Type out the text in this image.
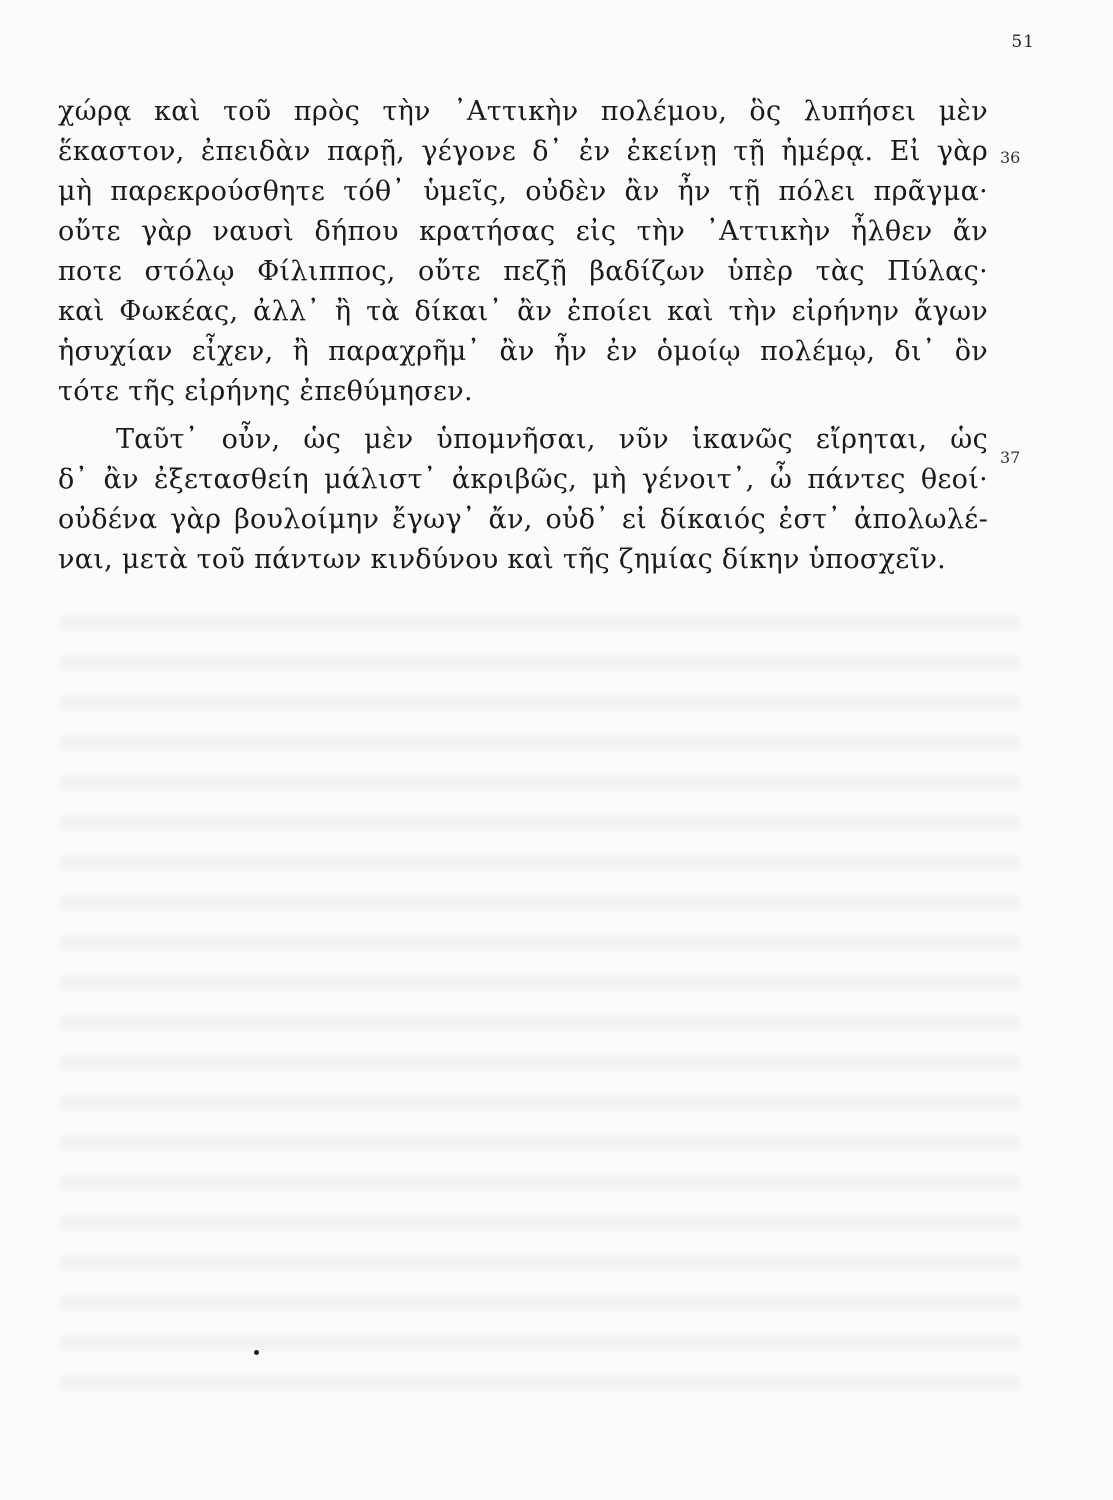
51
χώρᾳ καὶ τοῦ πρὸς τὴν ᾿Αττικὴν πολέμου, ὃς λυπήσει μὲν
ἕκαστον, ἐπειδὰν παρῇ, γέγονε δ᾽ ἐν ἐκείνῃ τῇ ἡμέρᾳ. Εἰ γὰρ
μὴ παρεκρούσθητε τόθ᾽ ὑμεῖς, οὐδὲν ἂν ἦν τῇ πόλει πρᾶγμα·
οὔτε γὰρ ναυσὶ δήπου κρατήσας εἰς τὴν ᾿Αττικὴν ἦλθεν ἄν
ποτε στόλῳ Φίλιππος, οὔτε πεζῇ βαδίζων ὑπὲρ τὰς Πύλας·
καὶ Φωκέας, ἀλλ᾽ ἢ τὰ δίκαι᾽ ἂν ἐποίει καὶ τὴν εἰρήνην ἄγων
ἡσυχίαν εἶχεν, ἢ παραχρῆμ᾽ ἂν ἦν ἐν ὁμοίῳ πολέμῳ, δι᾽ ὃν
τότε τῆς εἰρήνης ἐπεθύμησεν.
Ταῦτ᾽ οὖν, ὡς μὲν ὑπομνῆσαι, νῦν ἱκανῶς εἴρηται, ὡς
δ᾽ ἂν ἐξετασθείη μάλιστ᾽ ἀκριβῶς, μὴ γένοιτ᾽, ὦ πάντες θεοί·
οὐδένα γὰρ βουλοίμην ἔγωγ᾽ ἄν, οὐδ᾽ εἰ δίκαιός ἐστ᾽ ἀπολωλέ-
ναι, μετὰ τοῦ πάντων κινδύνου καὶ τῆς ζημίας δίκην ὑποσχεῖν.
36
37
